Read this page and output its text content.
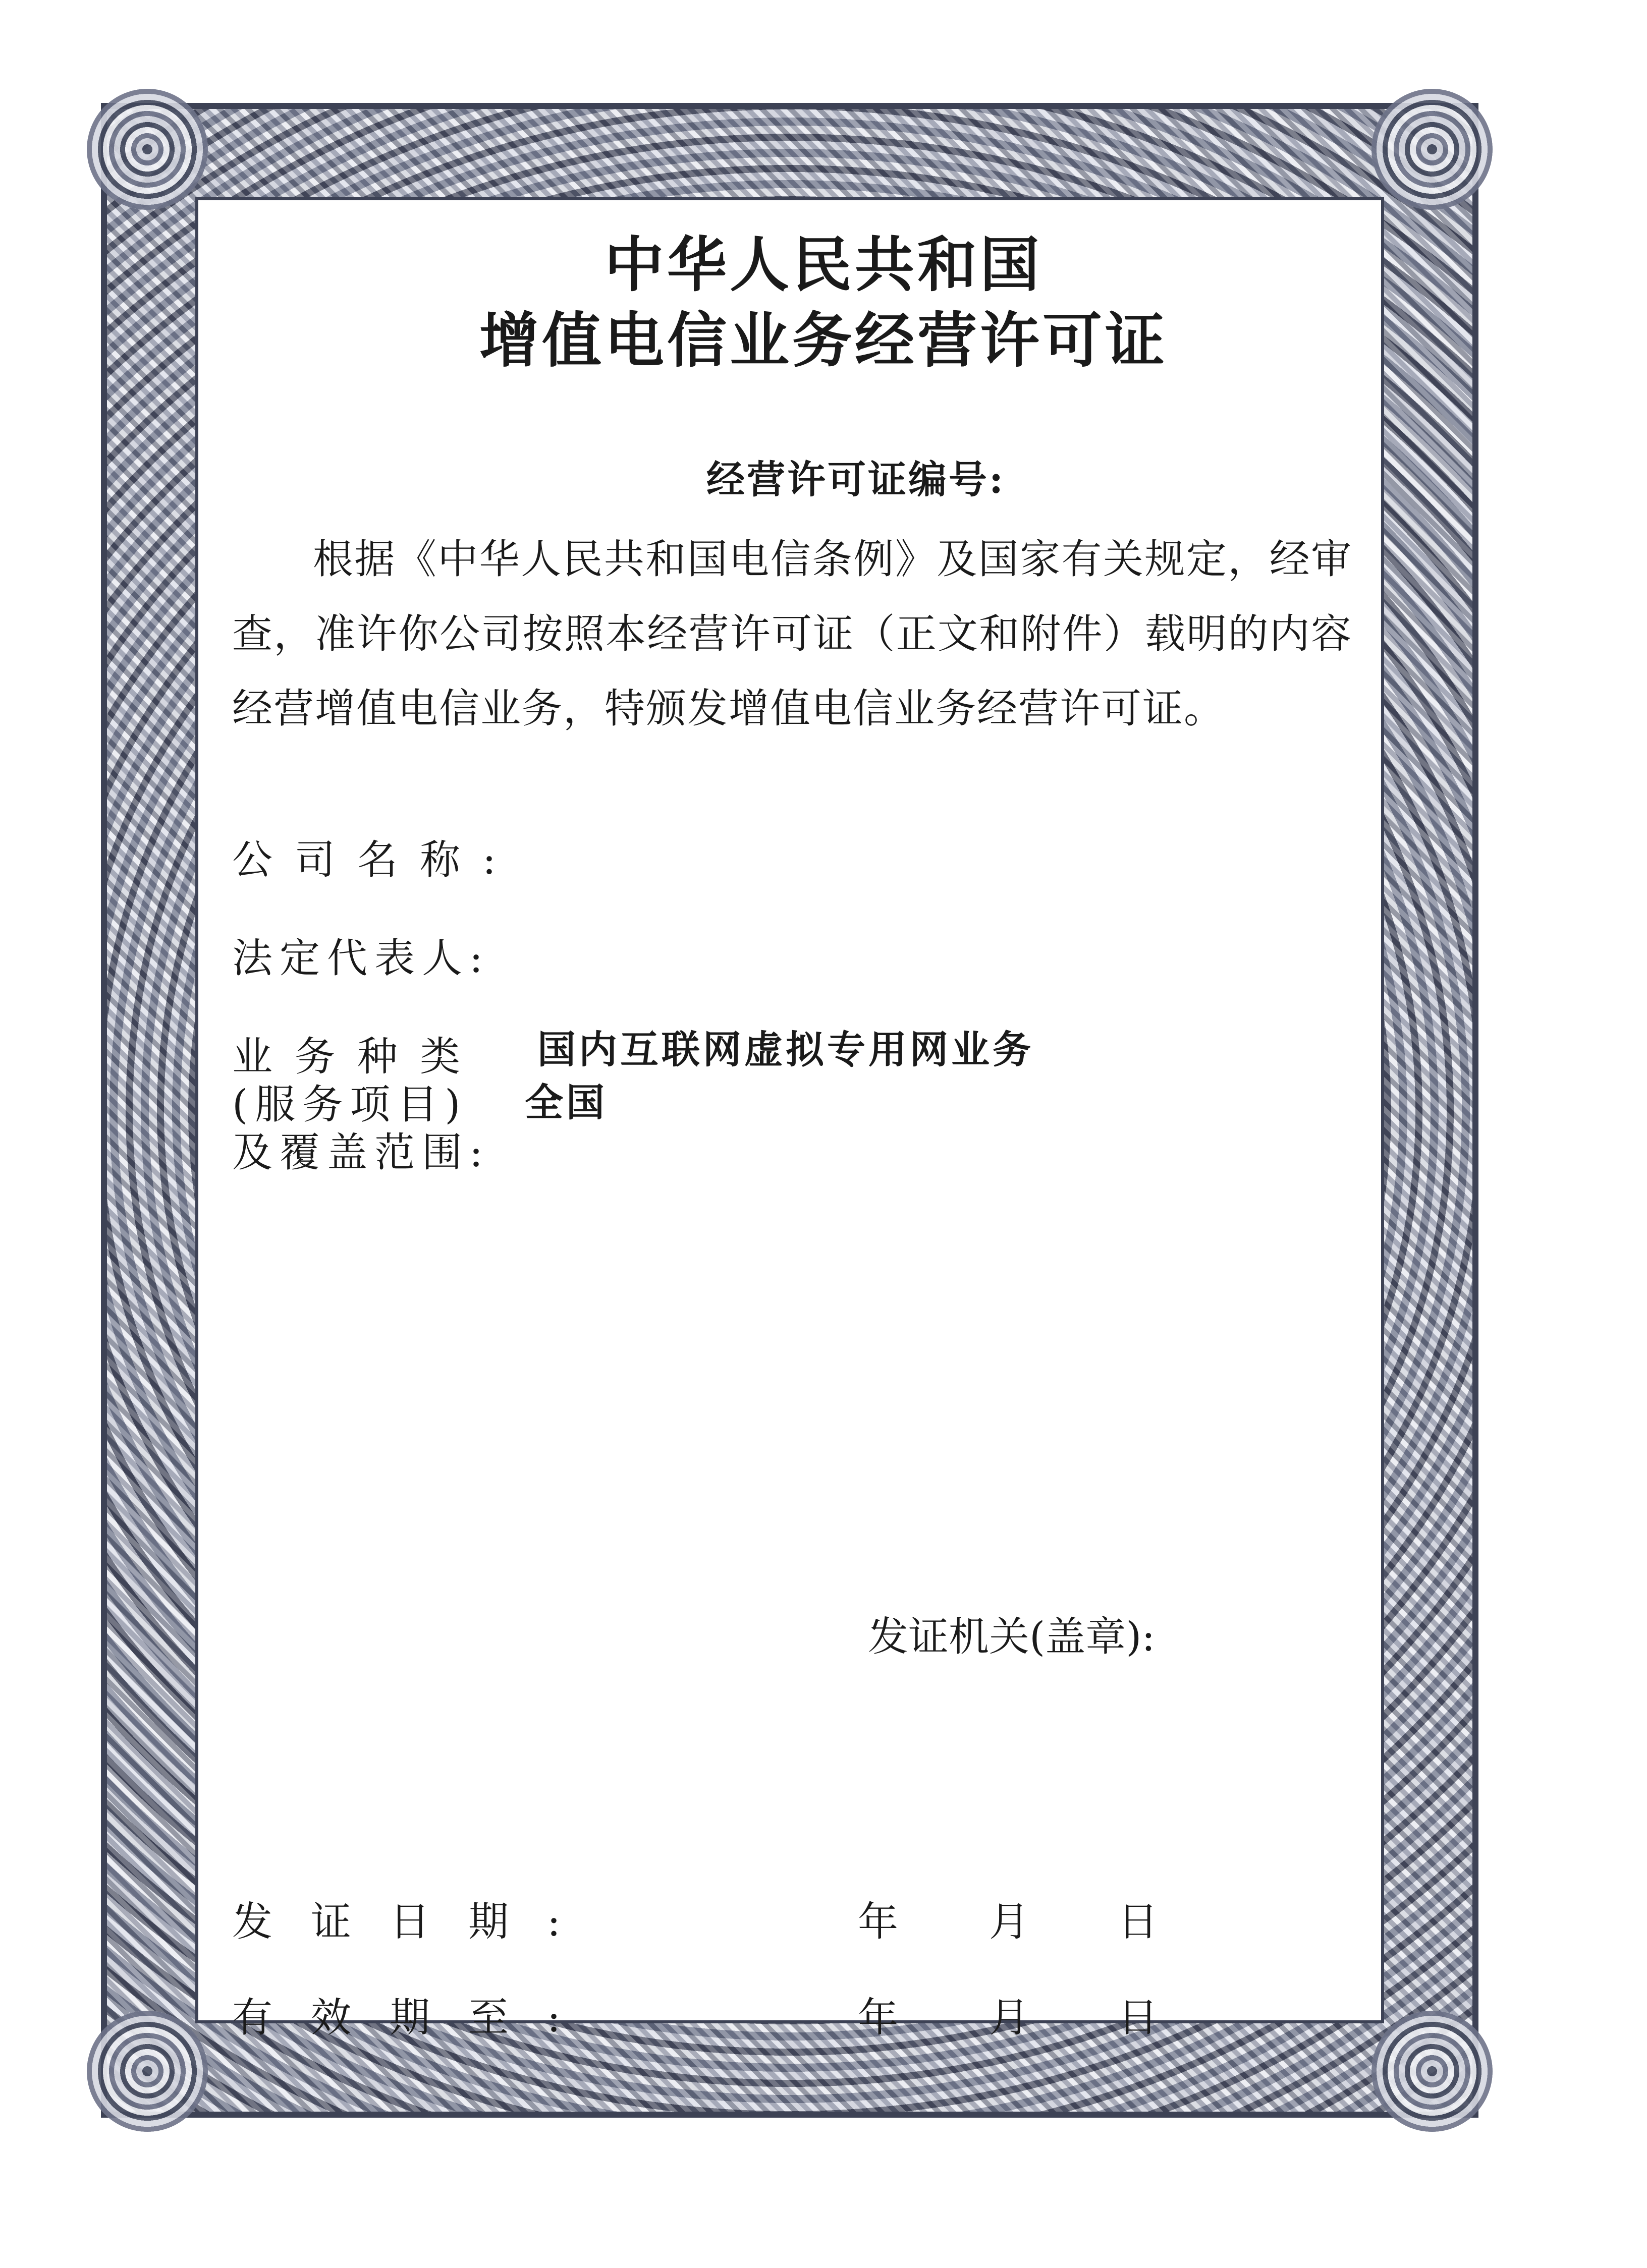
中华人民共和国
增值电信业务经营许可证
经营许可证编号:
根据《中华人民共和国电信条例》及国家有关规定，经审查，准许你公司按照本经营许可证（正文和附件）载明的内容经营增值电信业务，特颁发增值电信业务经营许可证。
公司名称:
法定代表人:
业务种类
(服务项目)
及覆盖范围:
国内互联网虚拟专用网业务
全国
发证机关(盖章):
发证日期:	年 月 日
有效期至:	年 月 日
